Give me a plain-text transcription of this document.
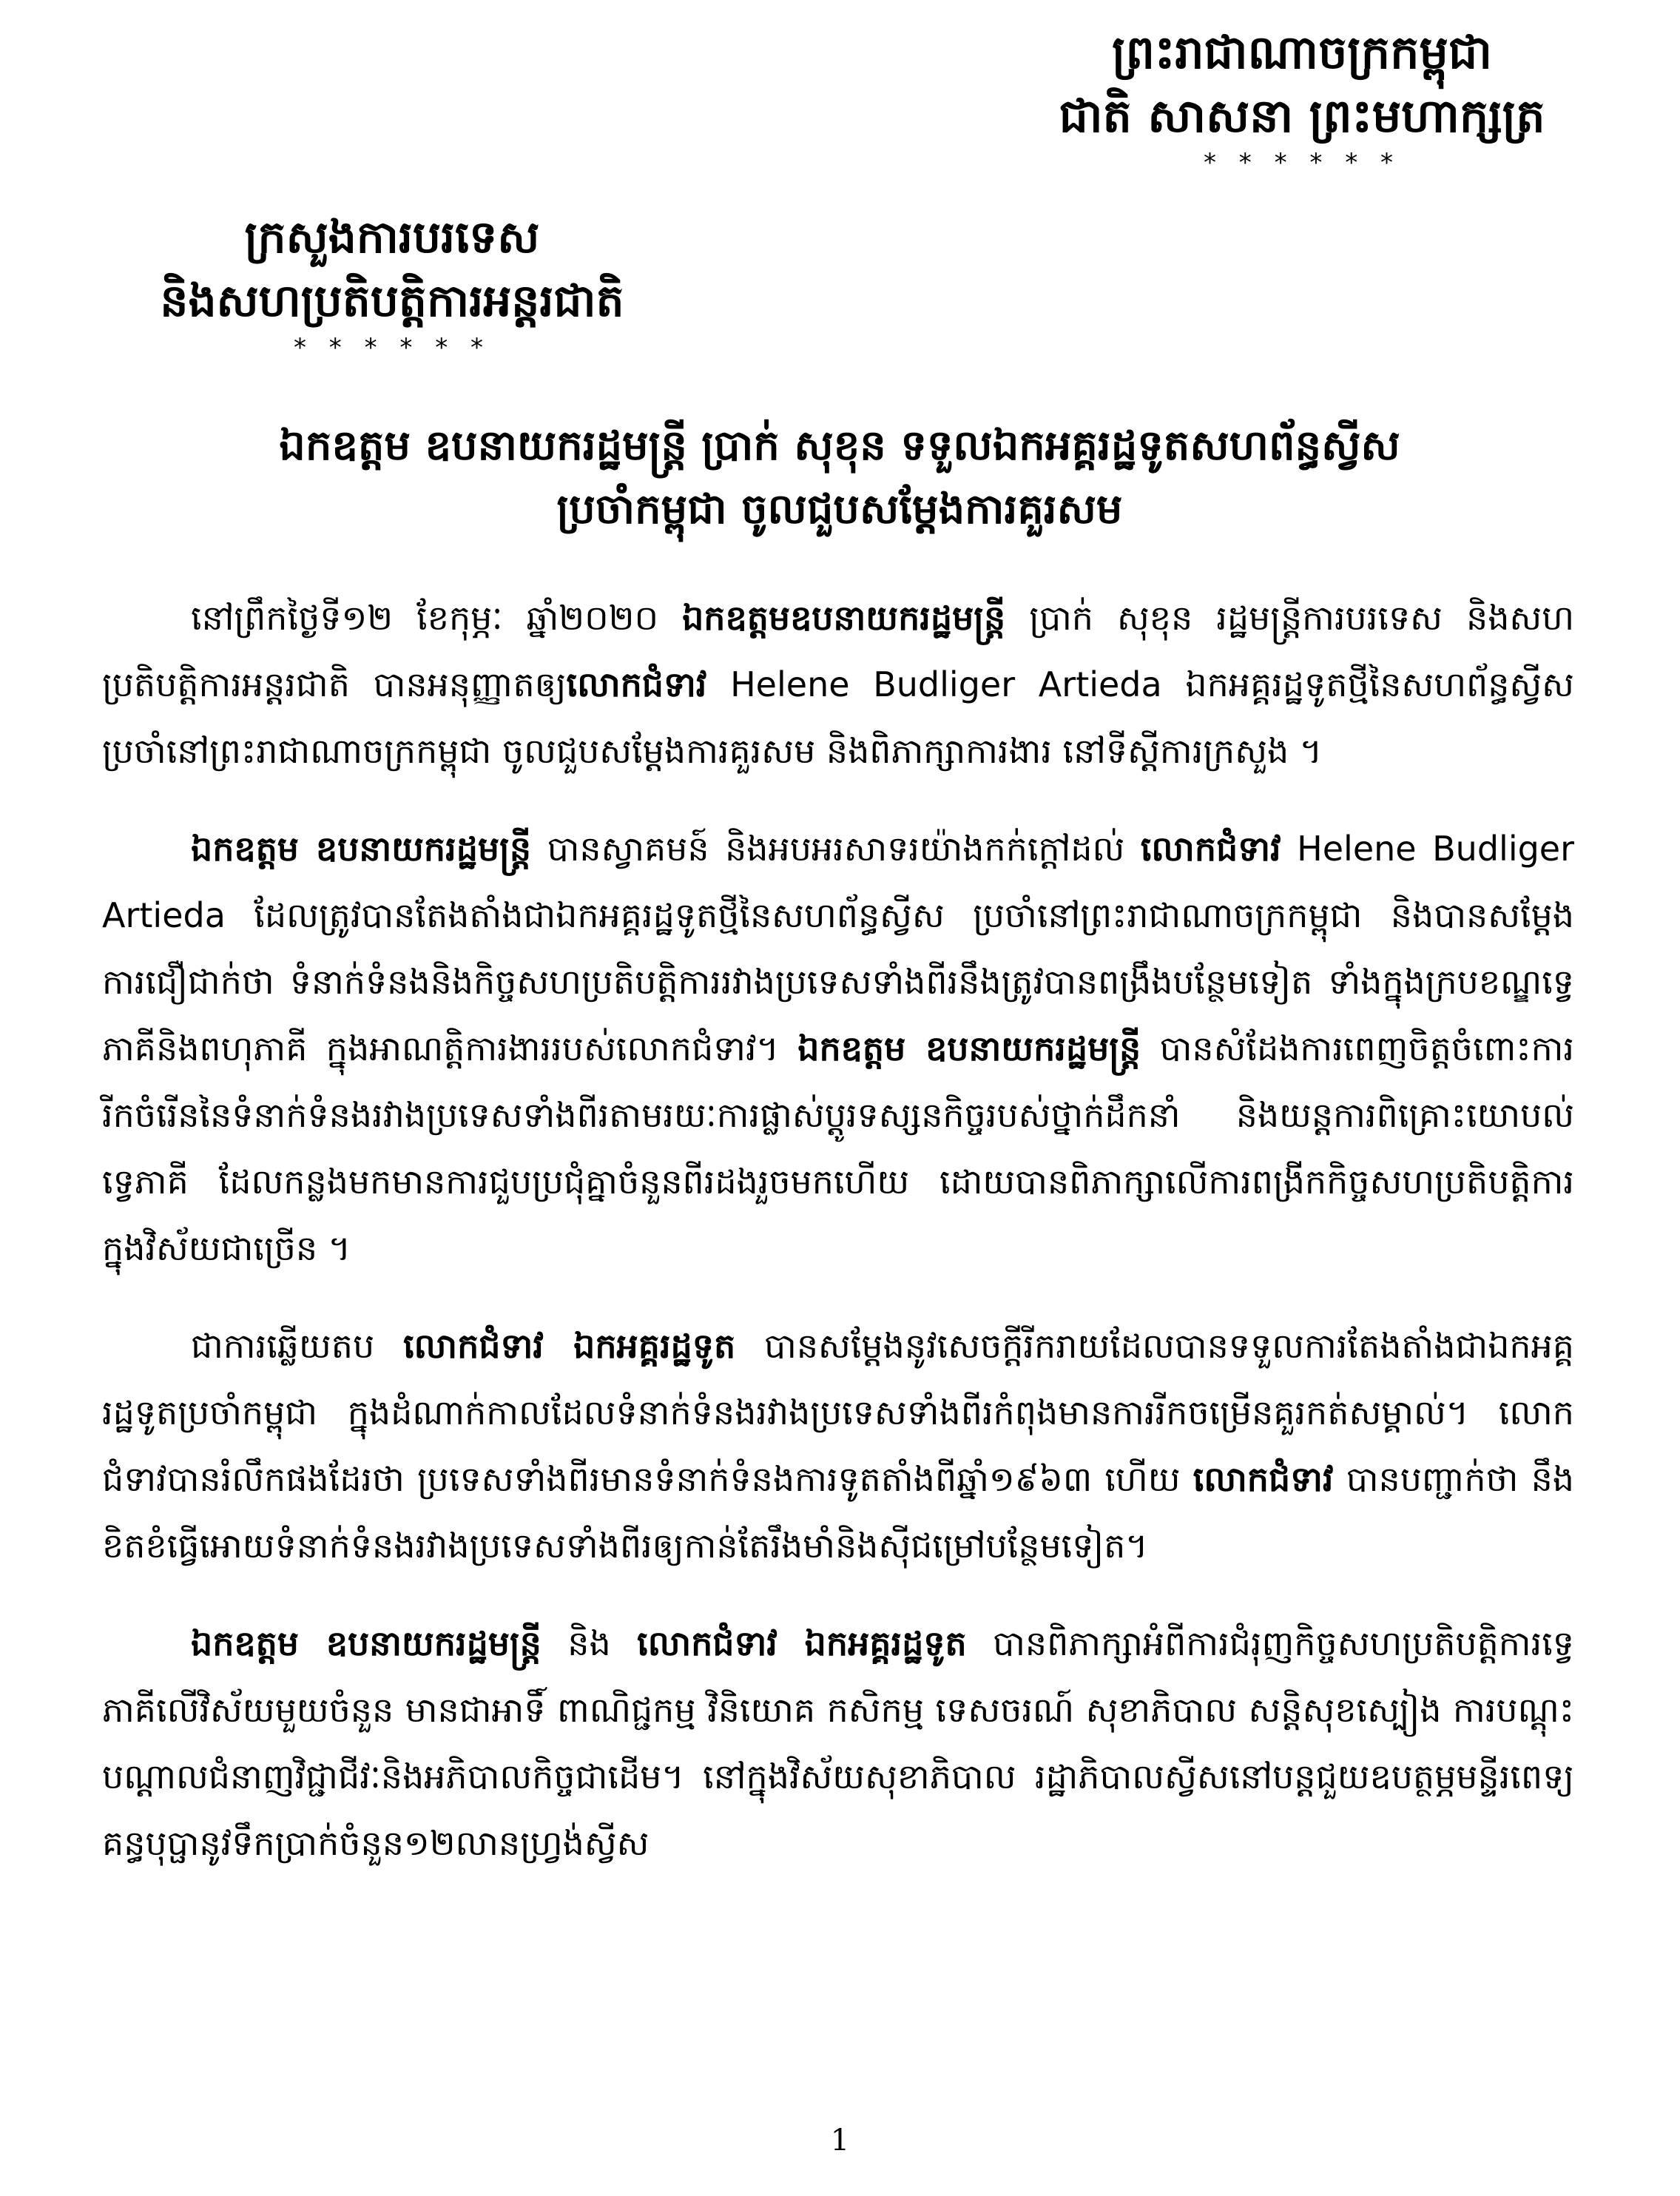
ព្រះរាជាណាចក្រកម្ពុជា
ជាតិ សាសនា ព្រះមហាក្សត្រ
* * * * * *
ក្រសួងការបរទេស
និងសហប្រតិបត្តិការអន្តរជាតិ
* * * * * *
ឯកឧត្តម ឧបនាយករដ្ឋមន្ត្រី ប្រាក់ សុខុន ទទួលឯកអគ្គរដ្ឋទូតសហព័ន្ធស្វីស
ប្រចាំកម្ពុជា ចូលជួបសម្តែងការគួរសម

នៅព្រឹកថ្ងៃទី១២ ខែកុម្ភៈ ឆ្នាំ២០២០ ឯកឧត្តមឧបនាយករដ្ឋមន្ត្រី ប្រាក់ សុខុន រដ្ឋមន្ត្រីការបរទេស និងសហប្រតិបត្តិការអន្តរជាតិ បានអនុញ្ញាតឲ្យលោកជំទាវ Helene Budliger Artieda ឯកអគ្គរដ្ឋទូតថ្មីនៃសហព័ន្ធស្វីស ប្រចាំនៅព្រះរាជាណាចក្រកម្ពុជា ចូលជួបសម្តែងការគួរសម និងពិភាក្សាការងារ នៅទីស្តីការក្រសួង ។

ឯកឧត្តម ឧបនាយករដ្ឋមន្ត្រី បានស្វាគមន៍ និងអបអរសាទរយ៉ាងកក់ក្តៅដល់ លោកជំទាវ Helene Budliger Artieda ដែលត្រូវបានតែងតាំងជាឯកអគ្គរដ្ឋទូតថ្មីនៃសហព័ន្ធស្វីស ប្រចាំនៅព្រះរាជាណាចក្រកម្ពុជា និងបានសម្តែងការជឿជាក់ថា ទំនាក់ទំនងនិងកិច្ចសហប្រតិបត្តិការរវាងប្រទេសទាំងពីរនឹងត្រូវបានពង្រឹងបន្ថែមទៀត ទាំងក្នុងក្របខណ្ឌទ្វេភាគីនិងពហុភាគី ក្នុងអាណត្តិការងាររបស់លោកជំទាវ។ ឯកឧត្តម ឧបនាយករដ្ឋមន្ត្រី បានសំដែងការពេញចិត្តចំពោះការរីកចំរើននៃទំនាក់ទំនងរវាងប្រទេសទាំងពីរតាមរយៈការផ្លាស់ប្តូរទស្សនកិច្ចរបស់ថ្នាក់ដឹកនាំ និងយន្តការពិគ្រោះយោបល់ទ្វេភាគី ដែលកន្លងមកមានការជួបប្រជុំគ្នាចំនួនពីរដងរួចមកហើយ ដោយបានពិភាក្សាលើការពង្រីកកិច្ចសហប្រតិបត្តិការក្នុងវិស័យជាច្រើន ។

ជាការឆ្លើយតប លោកជំទាវ ឯកអគ្គរដ្ឋទូត បានសម្តែងនូវសេចក្តីរីករាយដែលបានទទួលការតែងតាំងជាឯកអគ្គរដ្ឋទូតប្រចាំកម្ពុជា ក្នុងដំណាក់កាលដែលទំនាក់ទំនងរវាងប្រទេសទាំងពីរកំពុងមានការរីកចម្រើនគួរកត់សម្គាល់។ លោកជំទាវបានរំលឹកផងដែរថា ប្រទេសទាំងពីរមានទំនាក់ទំនងការទូតតាំងពីឆ្នាំ១៩៦៣ ហើយ លោកជំទាវ បានបញ្ជាក់ថា នឹងខិតខំធ្វើអោយទំនាក់ទំនងរវាងប្រទេសទាំងពីរឲ្យកាន់តែរឹងមាំនិងស៊ីជម្រៅបន្ថែមទៀត។

ឯកឧត្តម ឧបនាយករដ្ឋមន្ត្រី និង លោកជំទាវ ឯកអគ្គរដ្ឋទូត បានពិភាក្សាអំពីការជំរុញកិច្ចសហប្រតិបត្តិការទ្វេភាគីលើវិស័យមួយចំនួន មានជាអាទិ៍ ពាណិជ្ជកម្ម វិនិយោគ កសិកម្ម ទេសចរណ៍ សុខាភិបាល សន្តិសុខស្បៀង ការបណ្តុះបណ្តាលជំនាញវិជ្ជាជីវៈនិងអភិបាលកិច្ចជាដើម។ នៅក្នុងវិស័យសុខាភិបាល រដ្ឋាភិបាលស្វីសនៅបន្តជួយឧបត្ថម្ភមន្ទីរពេទ្យគន្ធបុប្ផានូវទឹកប្រាក់ចំនួន១២លានហ្វ្រង់ស្វីស

1
